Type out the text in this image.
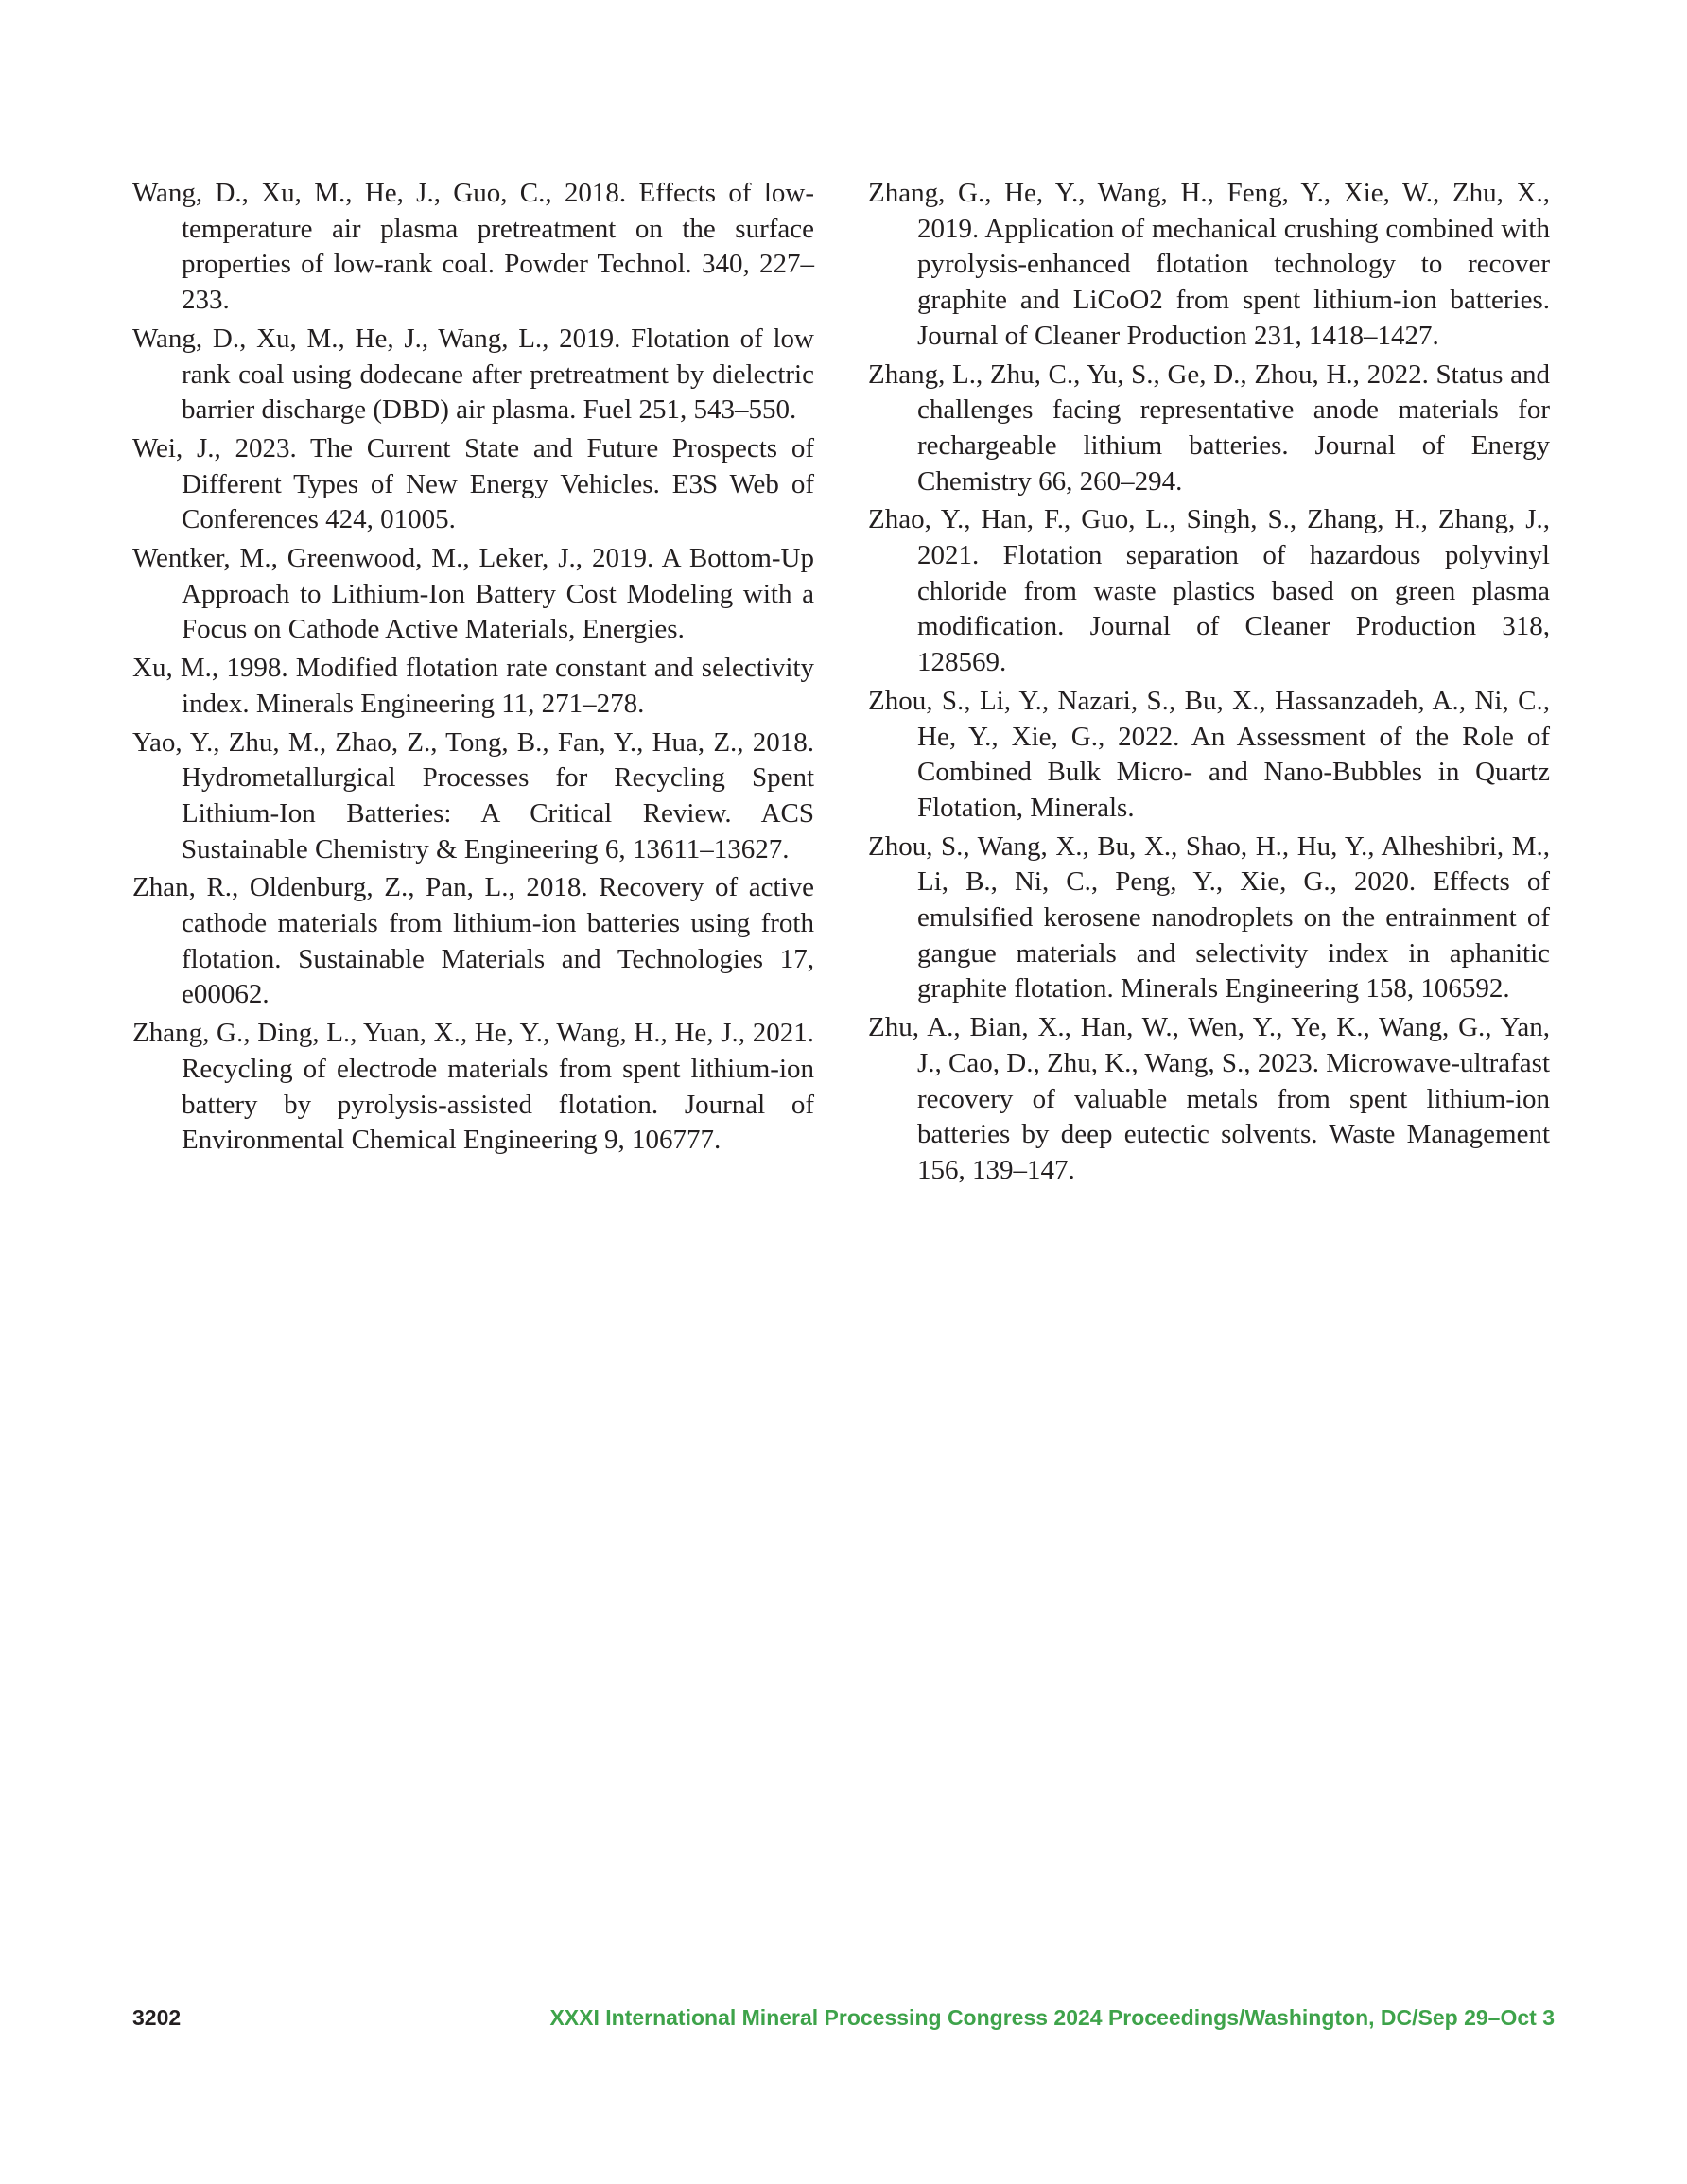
Wang, D., Xu, M., He, J., Guo, C., 2018. Effects of low-temperature air plasma pretreatment on the surface properties of low-rank coal. Powder Technol. 340, 227–233.

Wang, D., Xu, M., He, J., Wang, L., 2019. Flotation of low rank coal using dodecane after pretreatment by dielectric barrier discharge (DBD) air plasma. Fuel 251, 543–550.

Wei, J., 2023. The Current State and Future Prospects of Different Types of New Energy Vehicles. E3S Web of Conferences 424, 01005.

Wentker, M., Greenwood, M., Leker, J., 2019. A Bottom-Up Approach to Lithium-Ion Battery Cost Modeling with a Focus on Cathode Active Materials, Energies.

Xu, M., 1998. Modified flotation rate constant and selectivity index. Minerals Engineering 11, 271–278.

Yao, Y., Zhu, M., Zhao, Z., Tong, B., Fan, Y., Hua, Z., 2018. Hydrometallurgical Processes for Recycling Spent Lithium-Ion Batteries: A Critical Review. ACS Sustainable Chemistry & Engineering 6, 13611–13627.

Zhan, R., Oldenburg, Z., Pan, L., 2018. Recovery of active cathode materials from lithium-ion batteries using froth flotation. Sustainable Materials and Technologies 17, e00062.

Zhang, G., Ding, L., Yuan, X., He, Y., Wang, H., He, J., 2021. Recycling of electrode materials from spent lithium-ion battery by pyrolysis-assisted flotation. Journal of Environmental Chemical Engineering 9, 106777.

Zhang, G., He, Y., Wang, H., Feng, Y., Xie, W., Zhu, X., 2019. Application of mechanical crushing combined with pyrolysis-enhanced flotation technology to recover graphite and LiCoO2 from spent lithium-ion batteries. Journal of Cleaner Production 231, 1418–1427.

Zhang, L., Zhu, C., Yu, S., Ge, D., Zhou, H., 2022. Status and challenges facing representative anode materials for rechargeable lithium batteries. Journal of Energy Chemistry 66, 260–294.

Zhao, Y., Han, F., Guo, L., Singh, S., Zhang, H., Zhang, J., 2021. Flotation separation of hazardous polyvinyl chloride from waste plastics based on green plasma modification. Journal of Cleaner Production 318, 128569.

Zhou, S., Li, Y., Nazari, S., Bu, X., Hassanzadeh, A., Ni, C., He, Y., Xie, G., 2022. An Assessment of the Role of Combined Bulk Micro- and Nano-Bubbles in Quartz Flotation, Minerals.

Zhou, S., Wang, X., Bu, X., Shao, H., Hu, Y., Alheshibri, M., Li, B., Ni, C., Peng, Y., Xie, G., 2020. Effects of emulsified kerosene nanodroplets on the entrainment of gangue materials and selectivity index in aphanitic graphite flotation. Minerals Engineering 158, 106592.

Zhu, A., Bian, X., Han, W., Wen, Y., Ye, K., Wang, G., Yan, J., Cao, D., Zhu, K., Wang, S., 2023. Microwave-ultrafast recovery of valuable metals from spent lithium-ion batteries by deep eutectic solvents. Waste Management 156, 139–147.

3202	XXXI International Mineral Processing Congress 2024 Proceedings/Washington, DC/Sep 29–Oct 3
